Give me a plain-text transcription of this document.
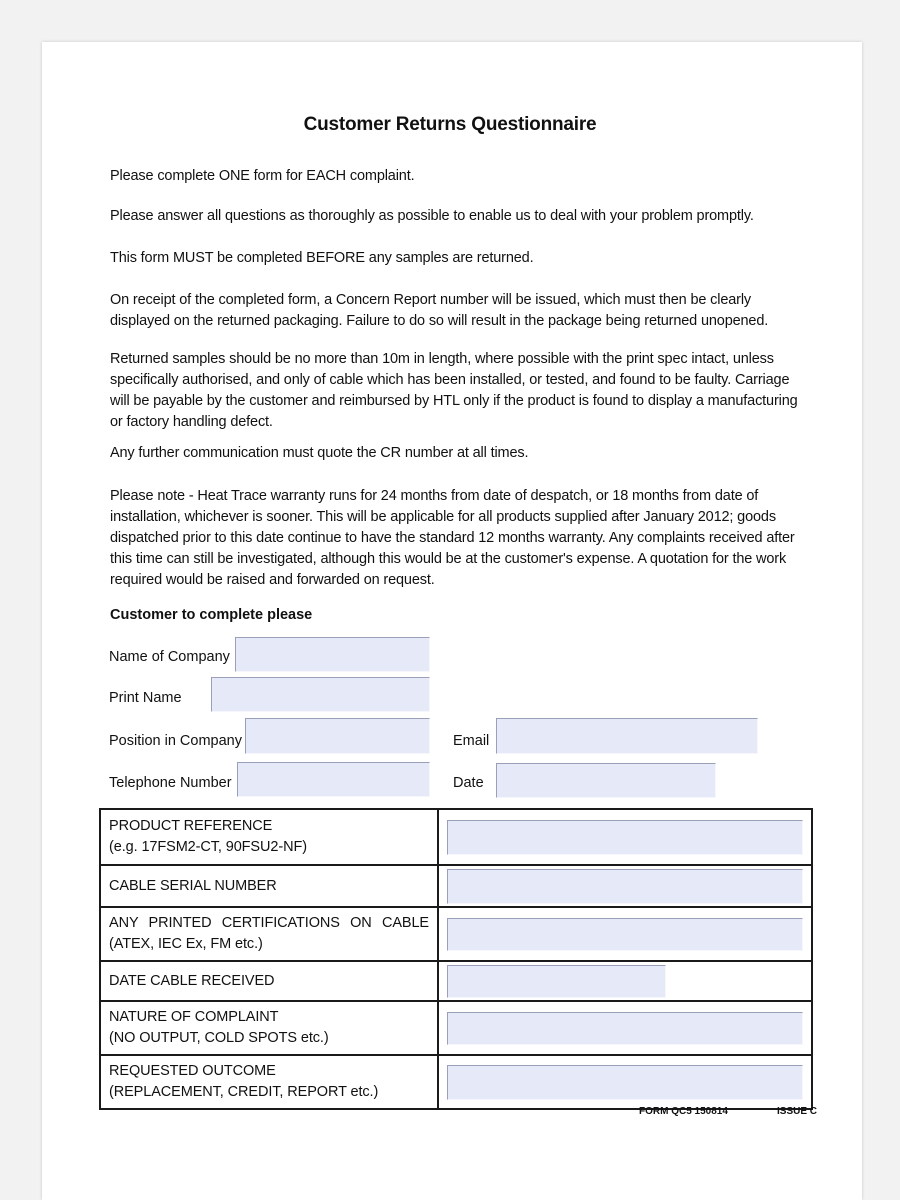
Customer Returns Questionnaire

Please complete ONE form for EACH complaint.

Please answer all questions as thoroughly as possible to enable us to deal with your problem promptly.

This form MUST be completed BEFORE any samples are returned.

On receipt of the completed form, a Concern Report number will be issued, which must then be clearly displayed on the returned packaging. Failure to do so will result in the package being returned unopened.

Returned samples should be no more than 10m in length, where possible with the print spec intact, unless specifically authorised, and only of cable which has been installed, or tested, and found to be faulty. Carriage will be payable by the customer and reimbursed by HTL only if the product is found to display a manufacturing or factory handling defect.

Any further communication must quote the CR number at all times.

Please note - Heat Trace warranty runs for 24 months from date of despatch, or 18 months from date of installation, whichever is sooner. This will be applicable for all products supplied after January 2012; goods dispatched prior to this date continue to have the standard 12 months warranty. Any complaints received after this time can still be investigated, although this would be at the customer's expense. A quotation for the work required would be raised and forwarded on request.

Customer to complete please
Name of Company
Print Name
Position in Company	Email
Telephone Number	Date
PRODUCT REFERENCE
(e.g. 17FSM2-CT, 90FSU2-NF)

CABLE SERIAL NUMBER

ANY PRINTED CERTIFICATIONS ON CABLE
(ATEX, IEC Ex, FM etc.)

DATE CABLE RECEIVED

NATURE OF COMPLAINT
(NO OUTPUT, COLD SPOTS etc.)

REQUESTED OUTCOME
(REPLACEMENT, CREDIT, REPORT etc.)

FORM QC5 150814	ISSUE C
